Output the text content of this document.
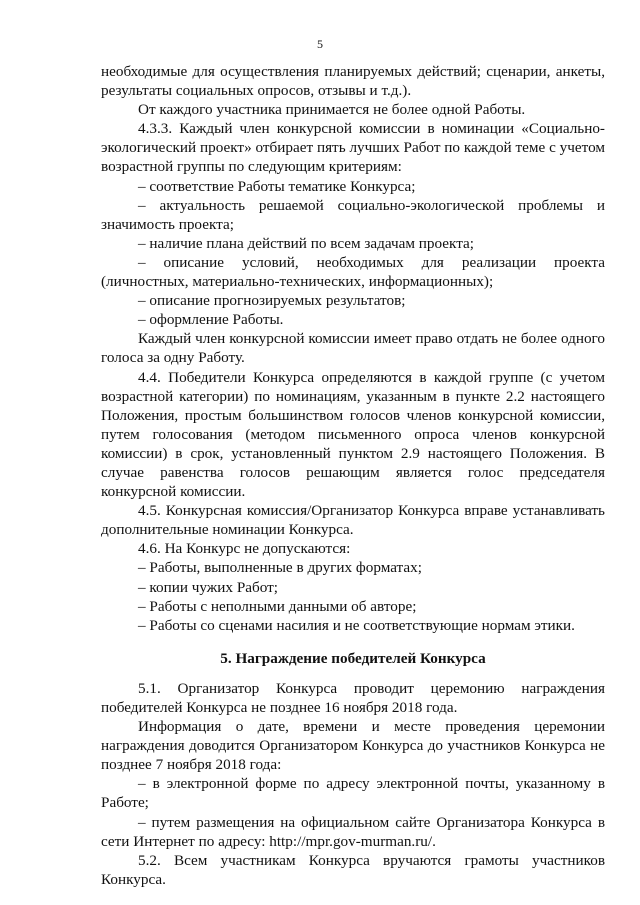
5

необходимые для осуществления планируемых действий; сценарии, анкеты, результаты социальных опросов, отзывы и т.д.).

От каждого участника принимается не более одной Работы.

4.3.3. Каждый член конкурсной комиссии в номинации «Социально-экологический проект» отбирает пять лучших Работ по каждой теме с учетом возрастной группы по следующим критериям:

– соответствие Работы тематике Конкурса;

– актуальность решаемой социально-экологической проблемы и значимость проекта;

– наличие плана действий по всем задачам проекта;

– описание условий, необходимых для реализации проекта (личностных, материально-технических, информационных);

– описание прогнозируемых результатов;

– оформление Работы.

Каждый член конкурсной комиссии имеет право отдать не более одного голоса за одну Работу.

4.4. Победители Конкурса определяются в каждой группе (с учетом возрастной категории) по номинациям, указанным в пункте 2.2 настоящего Положения, простым большинством голосов членов конкурсной комиссии, путем голосования (методом письменного опроса членов конкурсной комиссии) в срок, установленный пунктом 2.9 настоящего Положения. В случае равенства голосов решающим является голос председателя конкурсной комиссии.

4.5. Конкурсная комиссия/Организатор Конкурса вправе устанавливать дополнительные номинации Конкурса.

4.6. На Конкурс не допускаются:

– Работы, выполненные в других форматах;

– копии чужих Работ;

– Работы с неполными данными об авторе;

– Работы со сценами насилия и не соответствующие нормам этики.

5. Награждение победителей Конкурса

5.1. Организатор Конкурса проводит церемонию награждения победителей Конкурса не позднее 16 ноября 2018 года.

Информация о дате, времени и месте проведения церемонии награждения доводится Организатором Конкурса до участников Конкурса не позднее 7 ноября 2018 года:

– в электронной форме по адресу электронной почты, указанному в Работе;

– путем размещения на официальном сайте Организатора Конкурса в сети Интернет по адресу: http://mpr.gov-murman.ru/.

5.2. Всем участникам Конкурса вручаются грамоты участников Конкурса.
